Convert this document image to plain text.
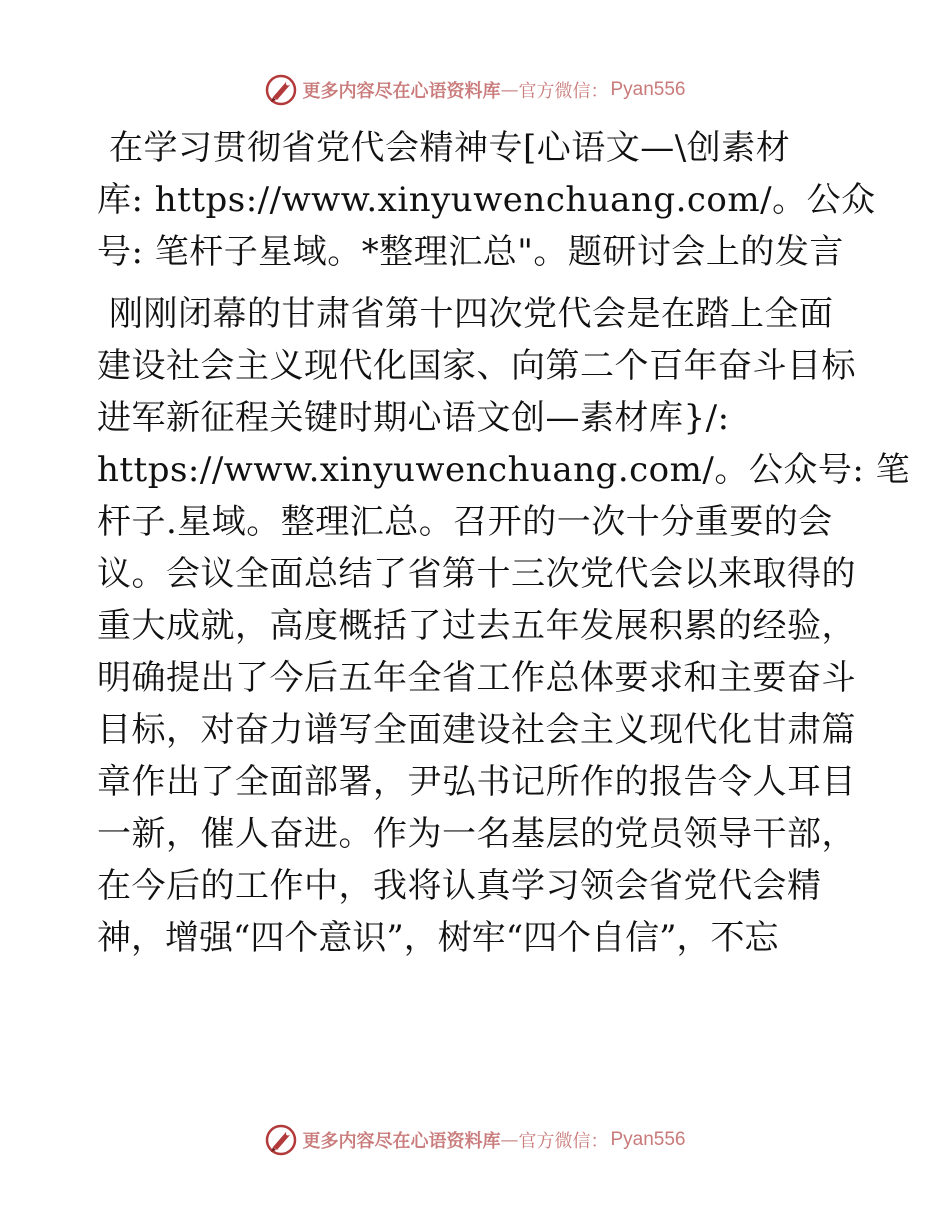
更多内容尽在心语资料库 — 官方微信： Pyan556
在学习贯彻省党代会精神专[心语文—\创素材
库: https://www.xinyuwenchuang.com/。公众
号: 笔杆子星域。*整理汇总"。题研讨会上的发言
刚刚闭幕的甘肃省第十四次党代会是在踏上全面
建设社会主义现代化国家、向第二个百年奋斗目标
进军新征程关键时期心语文创—素材库}/:
https://www.xinyuwenchuang.com/。公众号: 笔
杆子.星域。整理汇总。召开的一次十分重要的会
议。会议全面总结了省第十三次党代会以来取得的
重大成就，高度概括了过去五年发展积累的经验，
明确提出了今后五年全省工作总体要求和主要奋斗
目标，对奋力谱写全面建设社会主义现代化甘肃篇
章作出了全面部署，尹弘书记所作的报告令人耳目
一新，催人奋进。作为一名基层的党员领导干部，
在今后的工作中，我将认真学习领会省党代会精
神，增强“四个意识”，树牢“四个自信”，不忘
更多内容尽在心语资料库 — 官方微信： Pyan556
